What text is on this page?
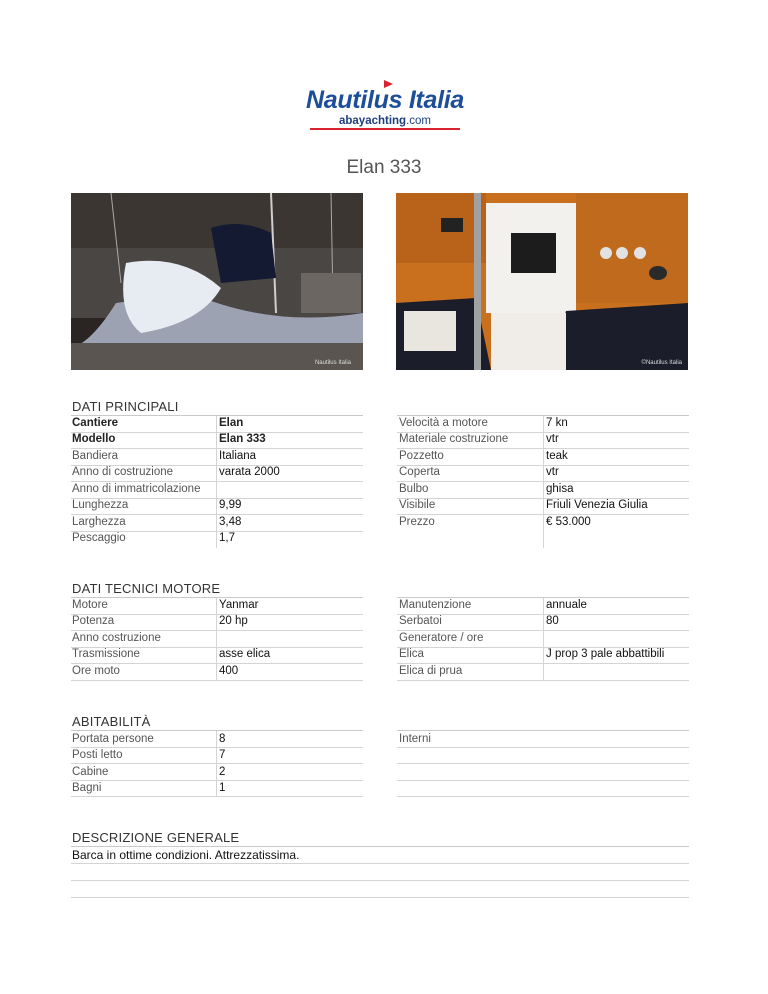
Nautilus Italia
abayachting.com
Elan 333
Nautilus Italia	©Nautilus Italia
DATI PRINCIPALI
Cantiere	Elan
Modello	Elan 333
Bandiera	Italiana
Anno di costruzione	varata 2000
Anno di immatricolazione
Lunghezza	9,99
Larghezza	3,48
Pescaggio	1,7
Velocità a motore	7 kn
Materiale costruzione	vtr
Pozzetto	teak
Coperta	vtr
Bulbo	ghisa
Visibile	Friuli Venezia Giulia
Prezzo	€ 53.000
DATI TECNICI MOTORE
Motore	Yanmar
Potenza	20 hp
Anno costruzione
Trasmissione	asse elica
Ore moto	400
Manutenzione	annuale
Serbatoi	80
Generatore / ore
Elica	J prop 3 pale abbattibili
Elica di prua
ABITABILITÀ
Portata persone	8
Posti letto	7
Cabine	2
Bagni	1
Interni
DESCRIZIONE GENERALE
Barca in ottime condizioni. Attrezzatissima.
